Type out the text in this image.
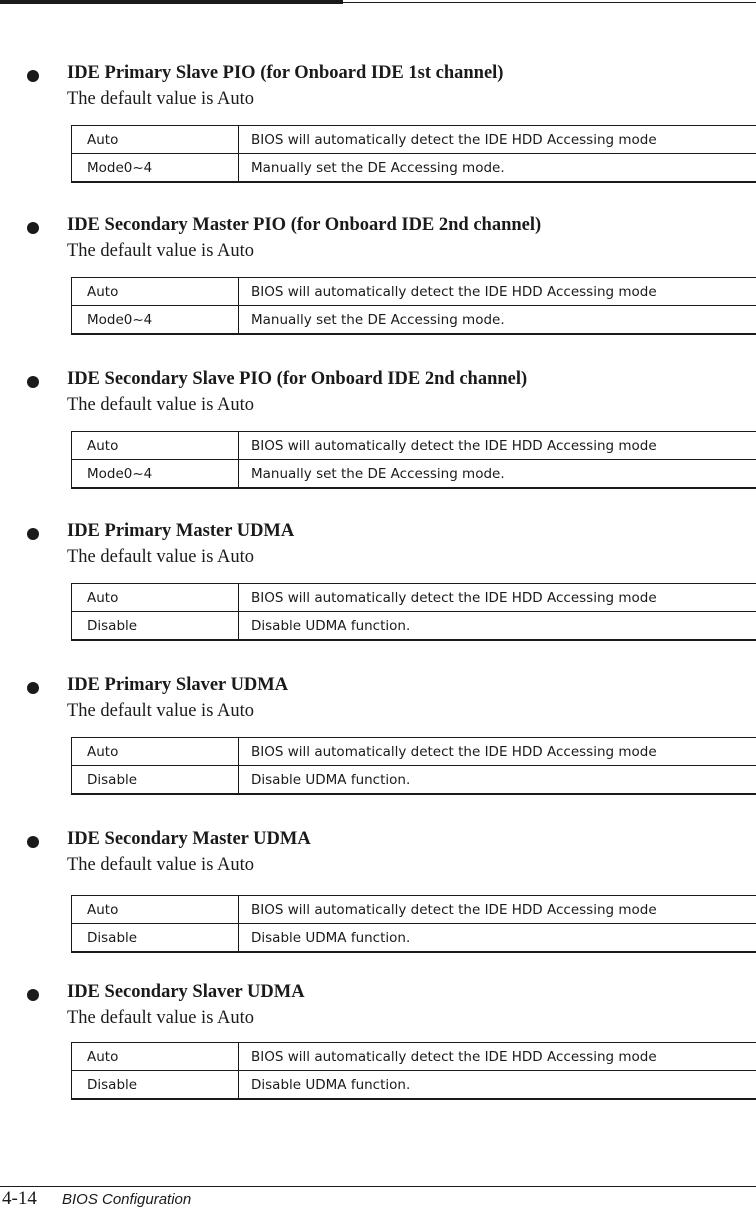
IDE Primary Slave PIO (for Onboard IDE 1st channel)
The default value is Auto
Auto	BIOS will automatically detect the IDE HDD Accessing mode
Mode0~4	Manually set the DE Accessing mode.
IDE Secondary Master PIO (for Onboard IDE 2nd channel)
The default value is Auto
Auto	BIOS will automatically detect the IDE HDD Accessing mode
Mode0~4	Manually set the DE Accessing mode.
IDE Secondary Slave PIO (for Onboard IDE 2nd channel)
The default value is Auto
Auto	BIOS will automatically detect the IDE HDD Accessing mode
Mode0~4	Manually set the DE Accessing mode.
IDE Primary Master UDMA
The default value is Auto
Auto	BIOS will automatically detect the IDE HDD Accessing mode
Disable	Disable UDMA function.
IDE Primary Slaver UDMA
The default value is Auto
Auto	BIOS will automatically detect the IDE HDD Accessing mode
Disable	Disable UDMA function.
IDE Secondary Master UDMA
The default value is Auto
Auto	BIOS will automatically detect the IDE HDD Accessing mode
Disable	Disable UDMA function.
IDE Secondary Slaver UDMA
The default value is Auto
Auto	BIOS will automatically detect the IDE HDD Accessing mode
Disable	Disable UDMA function.
4-14 BIOS Configuration
